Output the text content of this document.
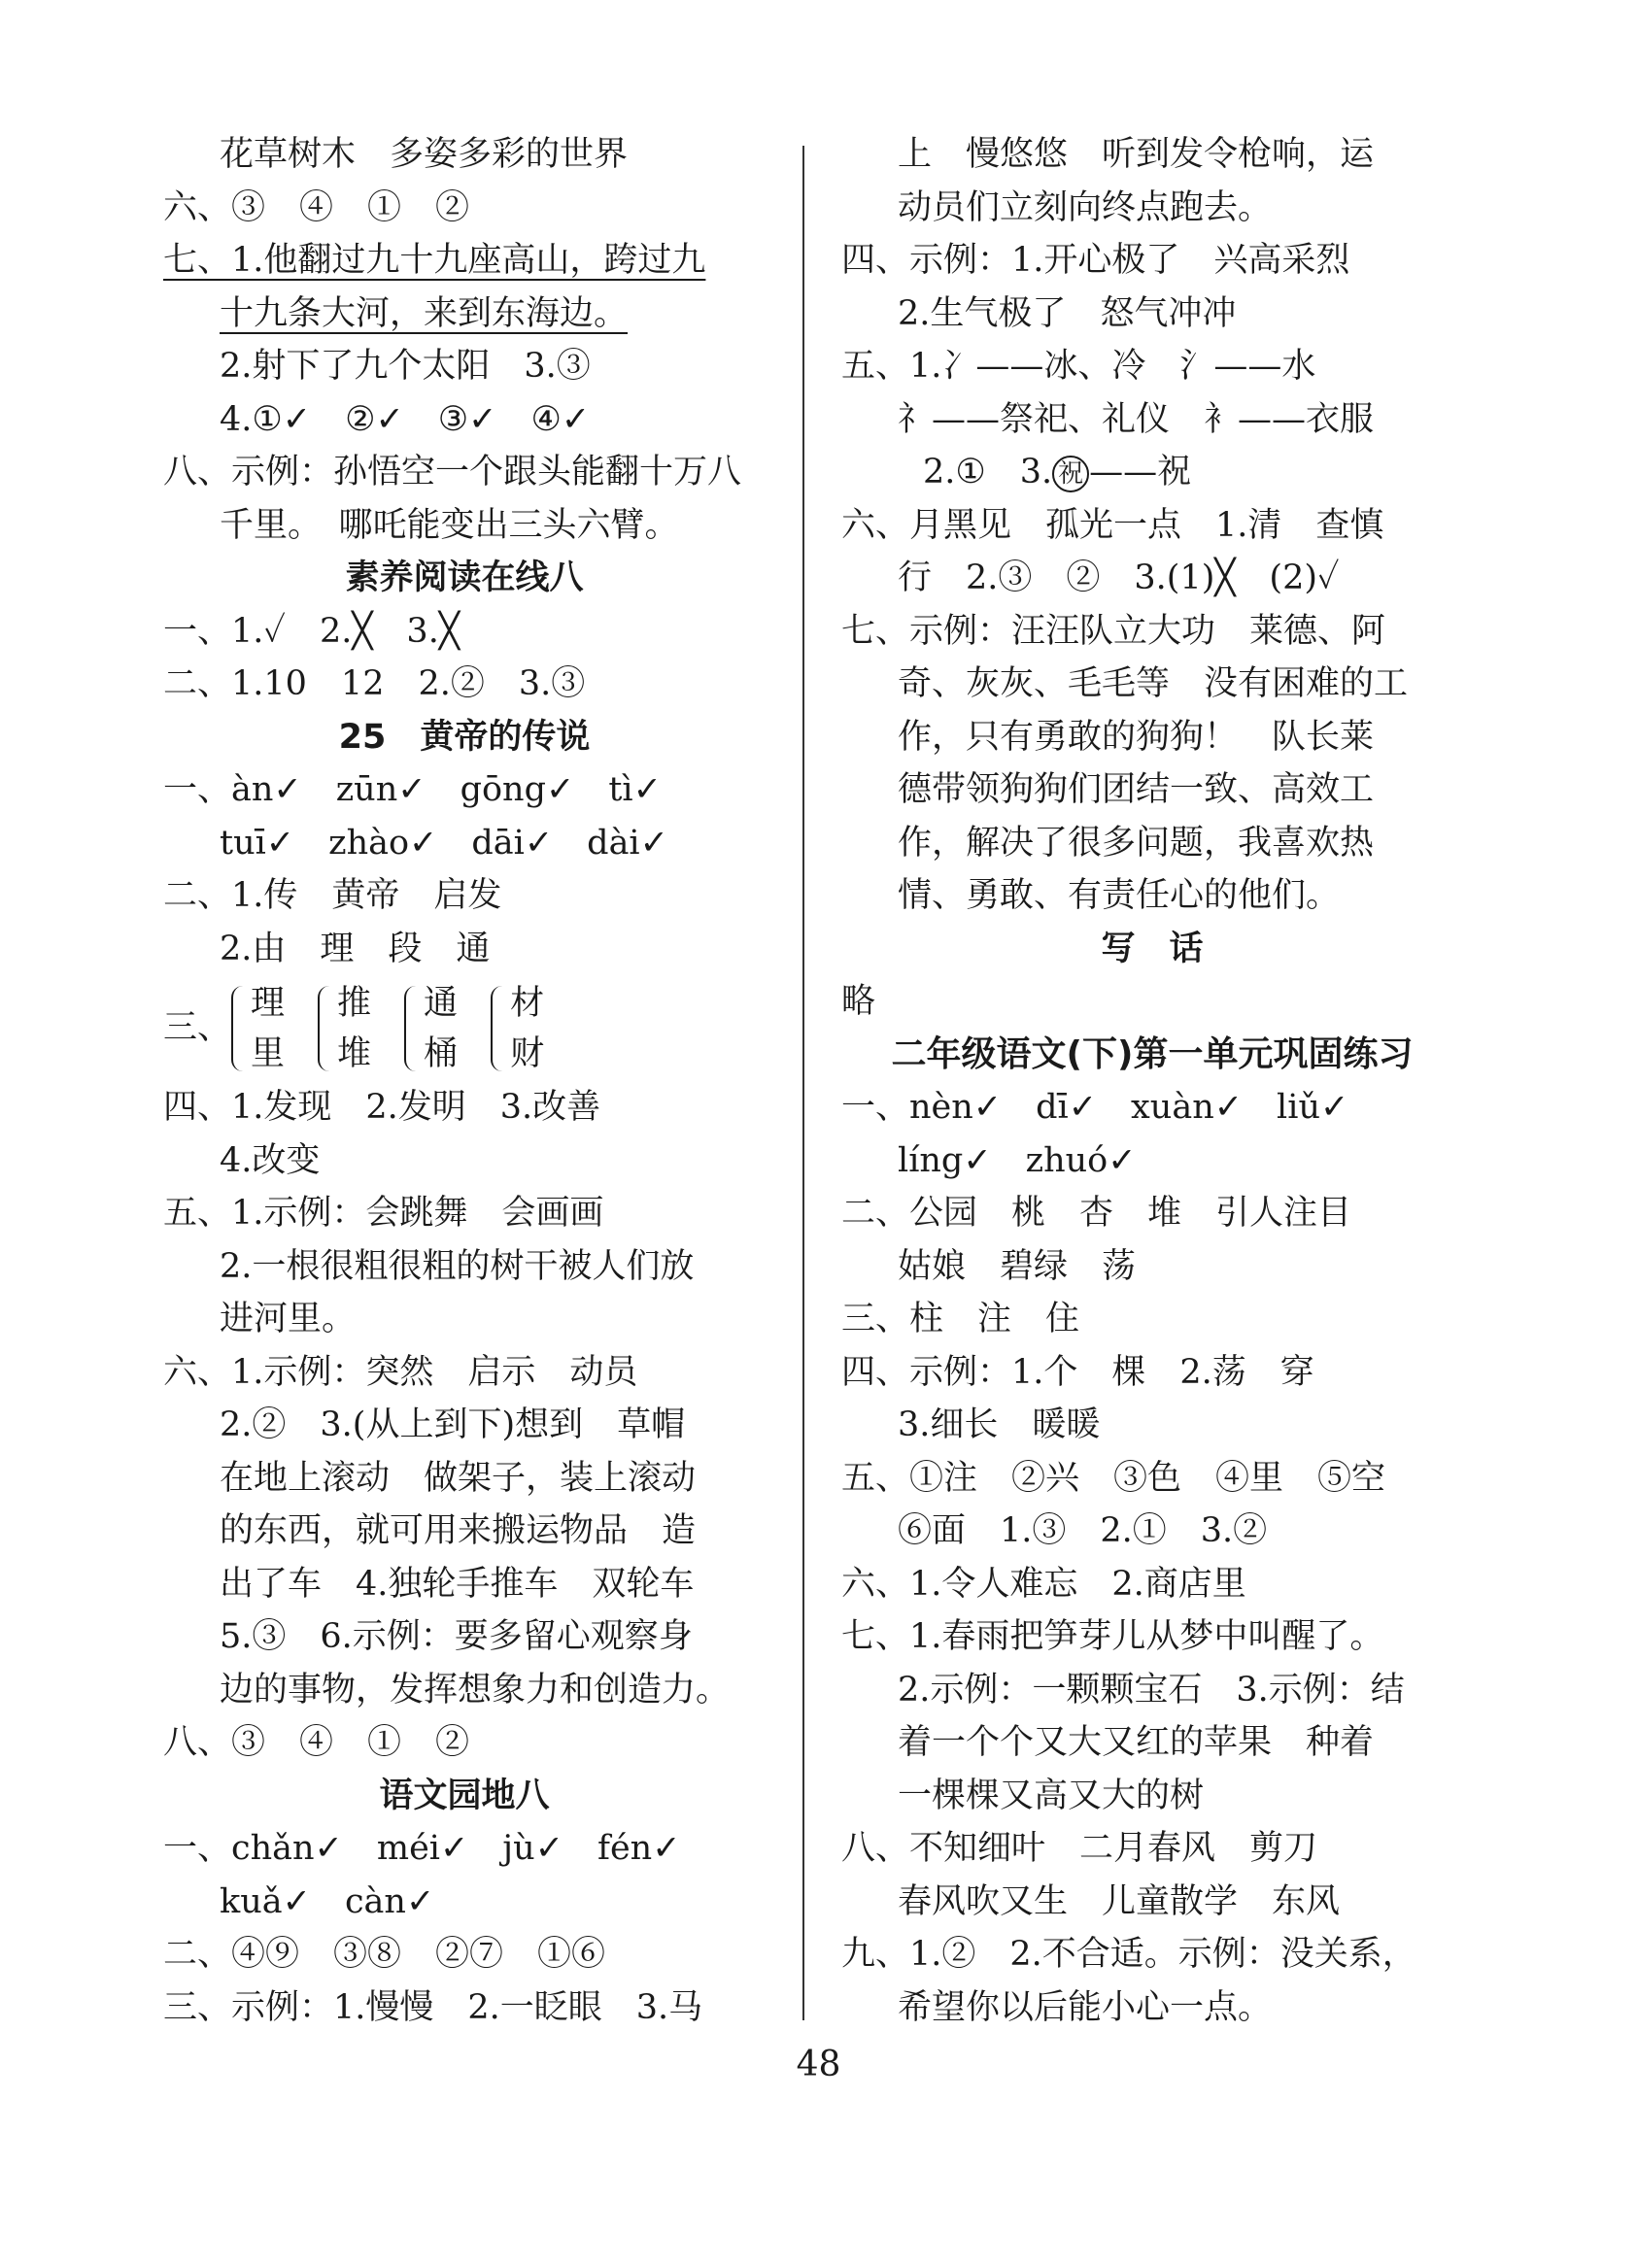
花草树木　多姿多彩的世界
六、③　④　①　②
七、1.他翻过九十九座高山，跨过九
十九条大河，来到东海边。
2.射下了九个太阳　3.③
4.①✓　②✓　③✓　④✓
八、示例：孙悟空一个跟头能翻十万八
千里。　哪吒能变出三头六臂。
素养阅读在线八
一、1.✓　2.╳　3.╳
二、1.10　12　2.②　3.③
25　黄帝的传说
一、àn✓　zūn✓　gōng✓　tì✓
tuī✓　zhào✓　dāi✓　dài✓
二、1.传　黄帝　启发
2.由　理　段　通
三、
理
里
推
堆
通
桶
材
财
四、1.发现　2.发明　3.改善
4.改变
五、1.示例：会跳舞　会画画
2.一根很粗很粗的树干被人们放
进河里。
六、1.示例：突然　启示　动员
2.②　3.(从上到下)想到　草帽
在地上滚动　做架子，装上滚动
的东西，就可用来搬运物品　造
出了车　4.独轮手推车　双轮车
5.③　6.示例：要多留心观察身
边的事物，发挥想象力和创造力。
八、③　④　①　②
语文园地八
一、chǎn✓　méi✓　jù✓　fén✓
kuǎ✓　càn✓
二、④⑨　③⑧　②⑦　①⑥
三、示例：1.慢慢　2.一眨眼　3.马
上　慢悠悠　听到发令枪响，运
动员们立刻向终点跑去。
四、示例：1.开心极了　兴高采烈
2.生气极了　怒气冲冲
五、1.冫——冰、冷　氵——水
礻——祭祀、礼仪　衤——衣服
2.①　3. 祝 ——祝
六、月黑见　孤光一点　1.清　查慎
行　2.③　②　3.(1)╳　(2)✓
七、示例：汪汪队立大功　莱德、阿
奇、灰灰、毛毛等　没有困难的工
作，只有勇敢的狗狗！　队长莱
德带领狗狗们团结一致、高效工
作，解决了很多问题，我喜欢热
情、勇敢、有责任心的他们。
写　话
略
二年级语文(下)第一单元巩固练习
一、nèn✓　dī✓　xuàn✓　liǔ✓
líng✓　zhuó✓
二、公园　桃　杏　堆　引人注目
姑娘　碧绿　荡
三、柱　注　住
四、示例：1.个　棵　2.荡　穿
3.细长　暖暖
五、①注　②兴　③色　④里　⑤空
⑥面　1.③　2.①　3.②
六、1.令人难忘　2.商店里
七、1.春雨把笋芽儿从梦中叫醒了。
2.示例：一颗颗宝石　3.示例：结
着一个个又大又红的苹果　种着
一棵棵又高又大的树
八、不知细叶　二月春风　剪刀
春风吹又生　儿童散学　东风
九、1.②　2.不合适。示例：没关系，
希望你以后能小心一点。
48
